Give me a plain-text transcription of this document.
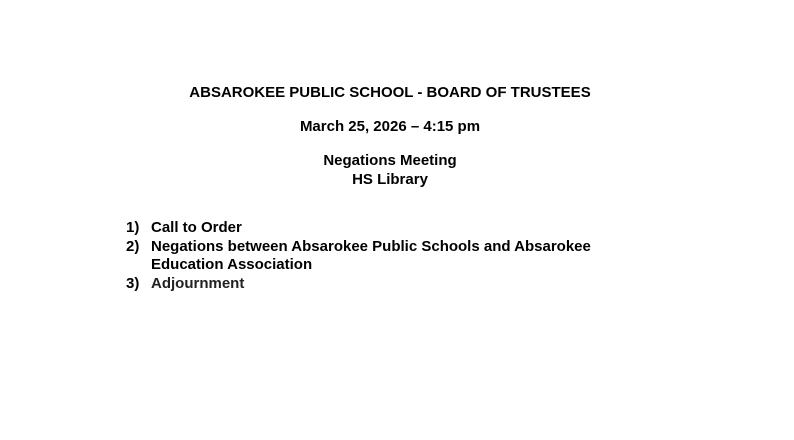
ABSAROKEE PUBLIC SCHOOL - BOARD OF TRUSTEES
March 25, 2026 – 4:15 pm
Negations Meeting
HS Library
1) Call to Order
2) Negations between Absarokee Public Schools and Absarokee Education Association
3) Adjournment
